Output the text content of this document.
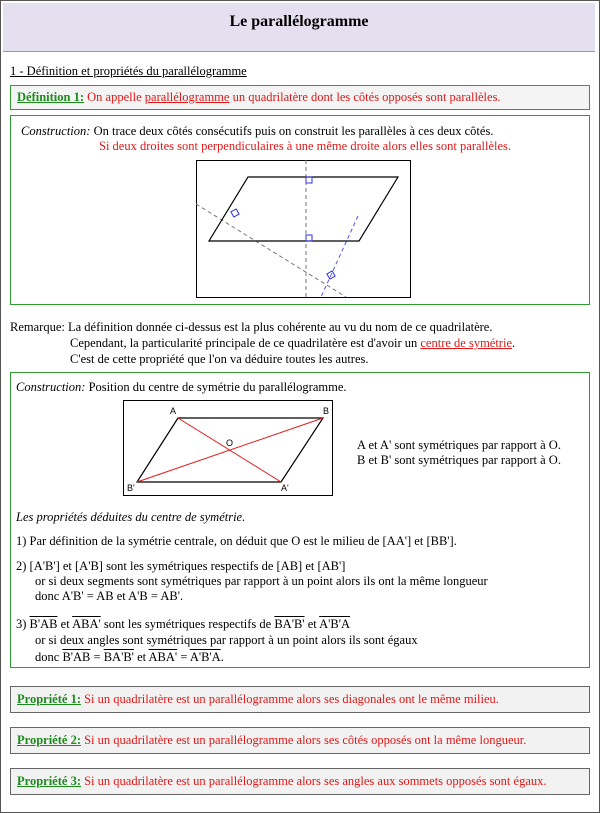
Le parallélogramme
1 - Définition et propriétés du parallélogramme
Définition 1: On appelle parallélogramme un quadrilatère dont les côtés opposés sont parallèles.
Construction: On trace deux côtés consécutifs puis on construit les parallèles à ces deux côtés.
Si deux droites sont perpendiculaires à une même droite alors elles sont parallèles.
Remarque: La définition donnée ci-dessus est la plus cohérente au vu du nom de ce quadrilatère.
Cependant, la particularité principale de ce quadrilatère est d'avoir un centre de symétrie.
C'est de cette propriété que l'on va déduire toutes les autres.
Construction: Position du centre de symétrie du parallélogramme.
A	B
A'
B'
O	A et A' sont symétriques par rapport à O.
B et B' sont symétriques par rapport à O.
Les propriétés déduites du centre de symétrie.
1) Par définition de la symétrie centrale, on déduit que O est le milieu de [AA'] et [BB'].
2) [A'B'] et [A'B] sont les symétriques respectifs de [AB] et [AB']
or si deux segments sont symétriques par rapport à un point alors ils ont la même longueur
donc A'B' = AB et A'B = AB'.
3) B'AB et ABA' sont les symétriques respectifs de BA'B' et A'B'A
or si deux angles sont symétriques par rapport à un point alors ils sont égaux
donc B'AB = BA'B' et ABA' = A'B'A.
Propriété 1: Si un quadrilatère est un parallélogramme alors ses diagonales ont le même milieu.
Propriété 2: Si un quadrilatère est un parallélogramme alors ses côtés opposés ont la même longueur.
Propriété 3: Si un quadrilatère est un parallélogramme alors ses angles aux sommets opposés sont égaux.
